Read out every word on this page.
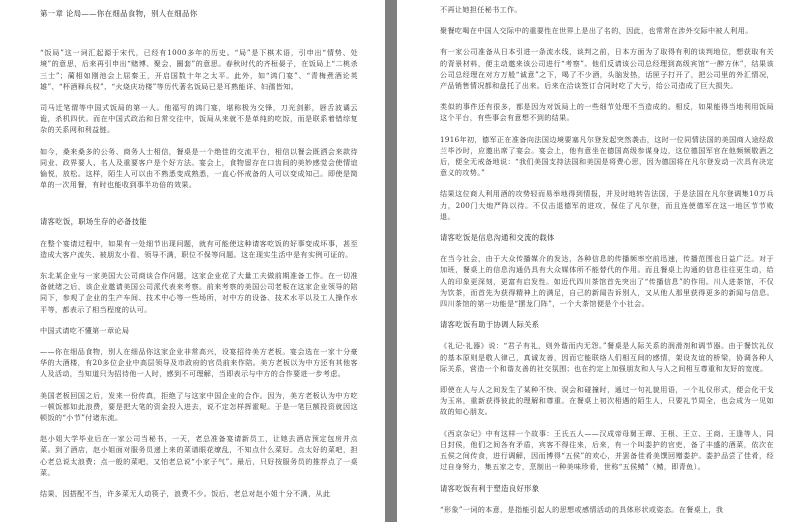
第一章 论局——你在细品食物，别人在细品你

“饭局”这一词汇起源于宋代，已经有1000多年的历史。“局”是下棋术语，引申出“情势、处境”的意思，后来再引申出“赌博、聚会、圈套”的意思。春秋时代的齐桓晏子，在饭局上“二桃杀三士”；蔺相如刚池会上屈秦王，开启国数十年之太平。此外，如“鸿门宴”、“青梅煮酒论英雄”、“杯酒释兵权”、“火烧庆功楼”等历代著名饭局已是耳熟能详、妇孺皆知。

司马迁笔谓等中国式饭局的第一人。他福写的鸿门宴，堪称极为交锋，刀光剑影，唇舌波谲云诡，杀机四伏。而在中国式政治和日常交往中，饭局从来就不是单纯的吃饭，而是联系着错综复杂的关系网和利益链。

如今，桑来桑多的公务、商务人士相信，餐桌是一个绝佳的交流平台，相信以餐会既洒会来款待同业、政界要人、名人及重要客户是个好方法。宴会上，食物留存在口齿间的美妙感觉会使情谊愉悦，放松。这样，陌生人可以由不熟悉变成熟悉，一直心怀戒备的人可以变成知己。即使是简单的一次用餐，有时也能收到事半功倍的效果。

请客吃饭，职场生存的必备技能

在整个宴请过程中，如果有一处细节出现问题，就有可能使这种请客吃饭的好事变成坏事，甚至造成大客户流失、被朋友小看、领导不满，职位不保等问题。这在现实生活中是有实例可证的。

东北某企业与一家美国大公司商谈合作问题，这家企业花了大量工夫做前期准备工作。在一切准备就绪之后，该企业邀请美国公司派代表来考察。前来考察的美国公司老板在这家企业领导的陪同下，参观了企业的生产车间、技术中心等一些场所，对中方的设备、技术水平以及工人操作水平等，都表示了相当程度的认可。

中国式请吃不懂第一章论局

——你在细品食物，别人在细品你这家企业非常高兴，设宴招待美方老板。宴会选在一家十分豪华的大酒楼，有20多位企业中高层领导及市政府的官员前来作陪。美方老板以为中方还有其他客人及活动，当知道只为招待他一人时，感到不可理解，当即表示与中方的合作要进一步考虑。

美国老板回国之后，发来一份传真，拒绝了与这家中国企业的合作。因为，美方老板认为中方吃一顿饭都如此浪费，要是把大笔的资金投入进去，说不定怎样挥霍呢。于是一笔巨额投资就因这顿饭的“小节”付诸东流。

赵小姐大学毕业后在一家公司当秘书，一天，老总准备宴请新员工，让她去酒店预定包房并点菜。到了酒店，赵小姐面对服务员递上来的菜谱眼花缭乱，不知点什么菜好。点太好的菜吧，担心老总说太浪费；点一般的菜吧，又怕老总说“小家子气”。最后，只好按服务员的推荐点了一桌菜。

结果，因搭配不当，许多菜无人动筷子，浪费不少。饭后，老总对赵小姐十分不满，从此

不再让她担任秘书工作。

聚餐吃喝在中国人交际中的重要性在世界上是出了名的，因此，也常常在涉外交际中被人利用。

有一家公司准备从日本引进一条流水线，谈判之前，日本方面为了取得有利的谈判地位，想获取有关的背景材料，便主动邀来该公司进行“考察”。他们反请该公司总经理到高级宾馆“一醉方休”，结果该公司总经理在对方万般“诚意”之下，喝了不少酒，头脑发热，话匣子打开了，把公司里的外汇情况，产品销售情况都和盘托了出来。后来在洽谈签订合同时吃了大亏，给公司造成了巨大损失。

类似的事件还有很多，都是因为对饭局上的一些细节处理不当造成的。相反，如果能得当地利用饭局这个平台，有些事会有意想不到的结果。

1916年初，德军正在准备向法国边境要塞凡尔登发起突然袭击，这时一位同情法国的美国商人途经敌兰毕沙时，应邀出席了宴会。宴会上，他有意坐在德国高级参谋身边，这位德国军官在他频频敬酒之后，便全无戒备地说：“我们美国支持法国和美国是将费心思，因为德国将在凡尔登发动一次具有决定意义的攻势。”

结果这位商人利用酒的攻势轻而易举地得到情报，并及时地转告法国，于是法国在凡尔登调集10万兵力，200门大炮严阵以待。不仅击退德军的进攻，保住了凡尔登，而且连使德军在这一地区节节败退。

请客吃饭是信息沟通和交流的载体

在当今社会，由于大众传播媒介的发达，各种信息的传播频率空前迅速，传播范围也日益广泛。对于加班，餐桌上的信息沟通仍具有大众媒体所不能替代的作用。而且餐桌上沟通的信息往往更生动，给人的印象更深刻，更富有启发性。如近代四川茶馆首先突出了“传播信息”的作用。川人进茶馆，不仅为饮茶，而首先为获得精神上的满足，自己的新闻告诉别人，又从他人那里获得更多的新闻与信息。四川茶馆的第一功能是“摆龙门阵”，一个大茶馆便是个小社会。

请客吃饭有助于协调人际关系

《礼记·礼器》说：“君子有礼，则外谐而内无怨。”餐桌是人际关系的润滑剂和调节器。由于餐饮礼仪的基本原则是敬人律己，真诚友善，因而它能联络人们相互间的感情，架设友谊的桥梁，协调各种人际关系，营造一个和谐友善的社交氛围；也在约定上加强朋友和人与人之间相互尊重和友好的宽度。

即使在人与人之间发生了某种不快、误会和碰撞时，通过一句礼貌用语，一个礼仪形式，便会化干戈为玉帛，重新获得彼此的理解和尊重。在餐桌上初次相遇的陌生人，只要礼节周全，也会成为一见如故的知心朋友。

《西京杂记》中有这样一个故事：王氏五人——汉成帝母舅王谭、王根、王立、王商、王逢等人，同日封侯，他们之间各有矛盾，宾客不得往来，后来，有一个叫娄护的官吏，备了丰盛的酒菜，依次在五侯之间传食，进行调解，因而博得“五侯”的欢心，并罢备佳肴美馔回赠娄护。娄护品尝了佳肴，经过自身努力，集五家之专，烹制出一种美味珍肴，世称“五侯鲭”（鲭，即青鱼）。

请客吃饭有利于塑造良好形象

“形象”一词的本意，是指能引起人的思想或感情活动的具体形状或姿态。在餐桌上，我
